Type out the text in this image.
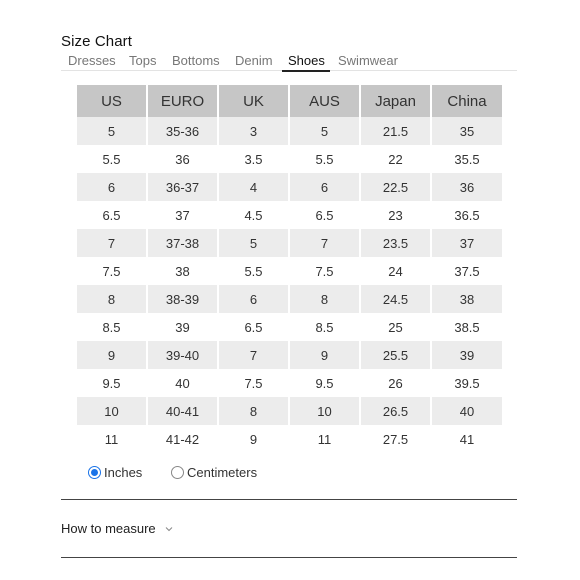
Size Chart
Dresses Tops Bottoms Denim Shoes Swimwear
US	EURO	UK	AUS	Japan	China
5	35-36	3	5	21.5	35
5.5	36	3.5	5.5	22	35.5
6	36-37	4	6	22.5	36
6.5	37	4.5	6.5	23	36.5
7	37-38	5	7	23.5	37
7.5	38	5.5	7.5	24	37.5
8	38-39	6	8	24.5	38
8.5	39	6.5	8.5	25	38.5
9	39-40	7	9	25.5	39
9.5	40	7.5	9.5	26	39.5
10	40-41	8	10	26.5	40
11	41-42	9	11	27.5	41
Inches	Centimeters
How to measure
